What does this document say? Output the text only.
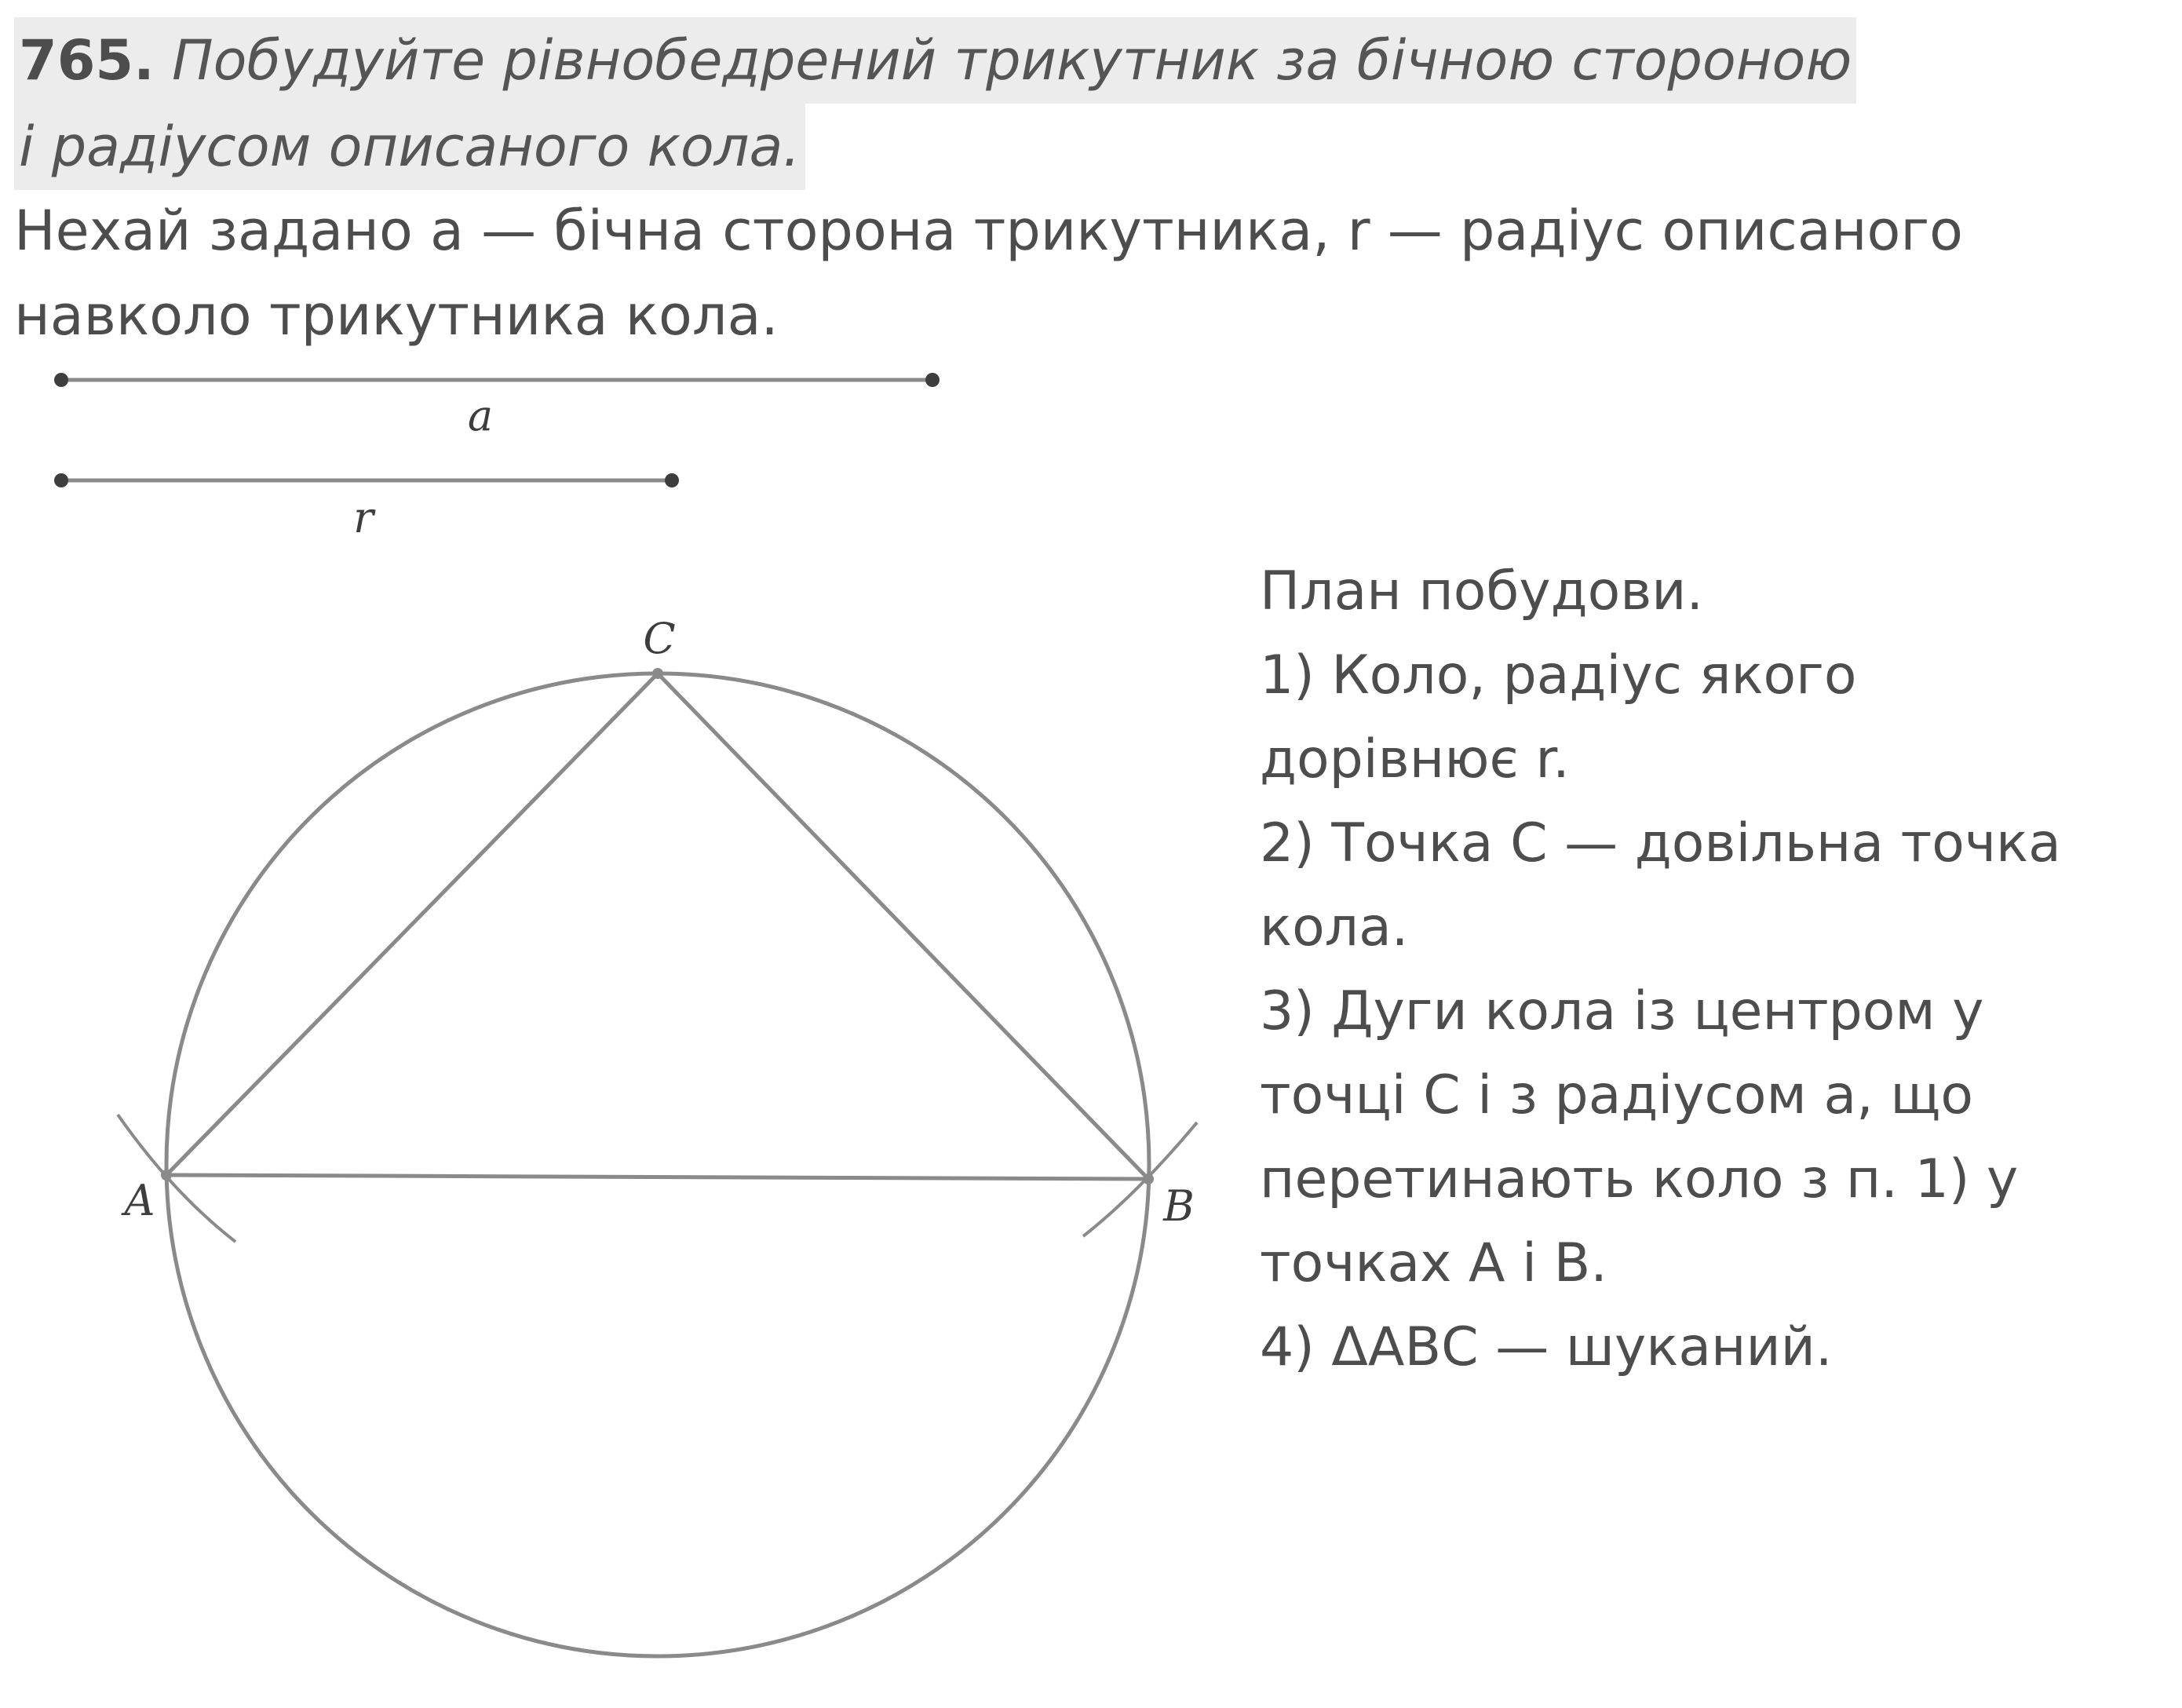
765. Побудуйте рівнобедрений трикутник за бічною стороною
і радіусом описаного кола.
Нехай задано а — бічна сторона трикутника, r — радіус описаного
навколо трикутника кола.
a
r
C
A	B
План побудови.
1) Коло, радіус якого
дорівнює r.
2) Точка С — довільна точка
кола.
3) Дуги кола із центром у
точці С і з радіусом а, що
перетинають коло з п. 1) у
точках А і В.
4) ΔАВС — шуканий.
